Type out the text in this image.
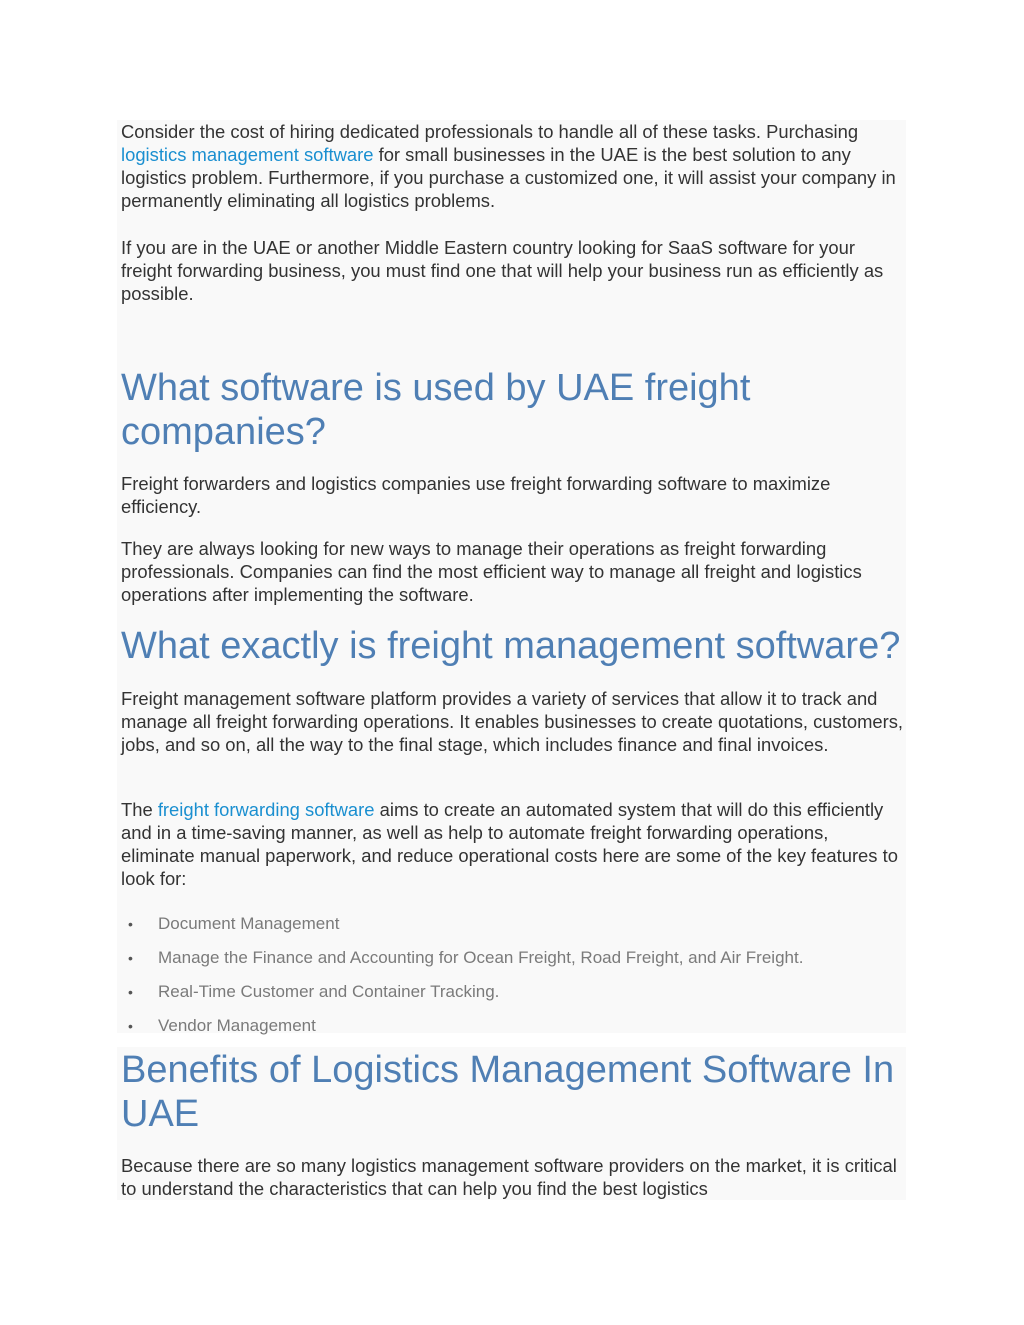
Consider the cost of hiring dedicated professionals to handle all of these tasks. Purchasing logistics management software for small businesses in the UAE is the best solution to any logistics problem. Furthermore, if you purchase a customized one, it will assist your company in permanently eliminating all logistics problems.

If you are in the UAE or another Middle Eastern country looking for SaaS software for your freight forwarding business, you must find one that will help your business run as efficiently as possible.

What software is used by UAE freight companies?

Freight forwarders and logistics companies use freight forwarding software to maximize efficiency.

They are always looking for new ways to manage their operations as freight forwarding professionals. Companies can find the most efficient way to manage all freight and logistics operations after implementing the software.

What exactly is freight management software?

Freight management software platform provides a variety of services that allow it to track and manage all freight forwarding operations. It enables businesses to create quotations, customers, jobs, and so on, all the way to the final stage, which includes finance and final invoices.

The freight forwarding software aims to create an automated system that will do this efficiently and in a time-saving manner, as well as help to automate freight forwarding operations, eliminate manual paperwork, and reduce operational costs here are some of the key features to look for:

• Document Management
• Manage the Finance and Accounting for Ocean Freight, Road Freight, and Air Freight.
• Real-Time Customer and Container Tracking.
• Vendor Management
Benefits of Logistics Management Software In UAE

Because there are so many logistics management software providers on the market, it is critical to understand the characteristics that can help you find the best logistics
